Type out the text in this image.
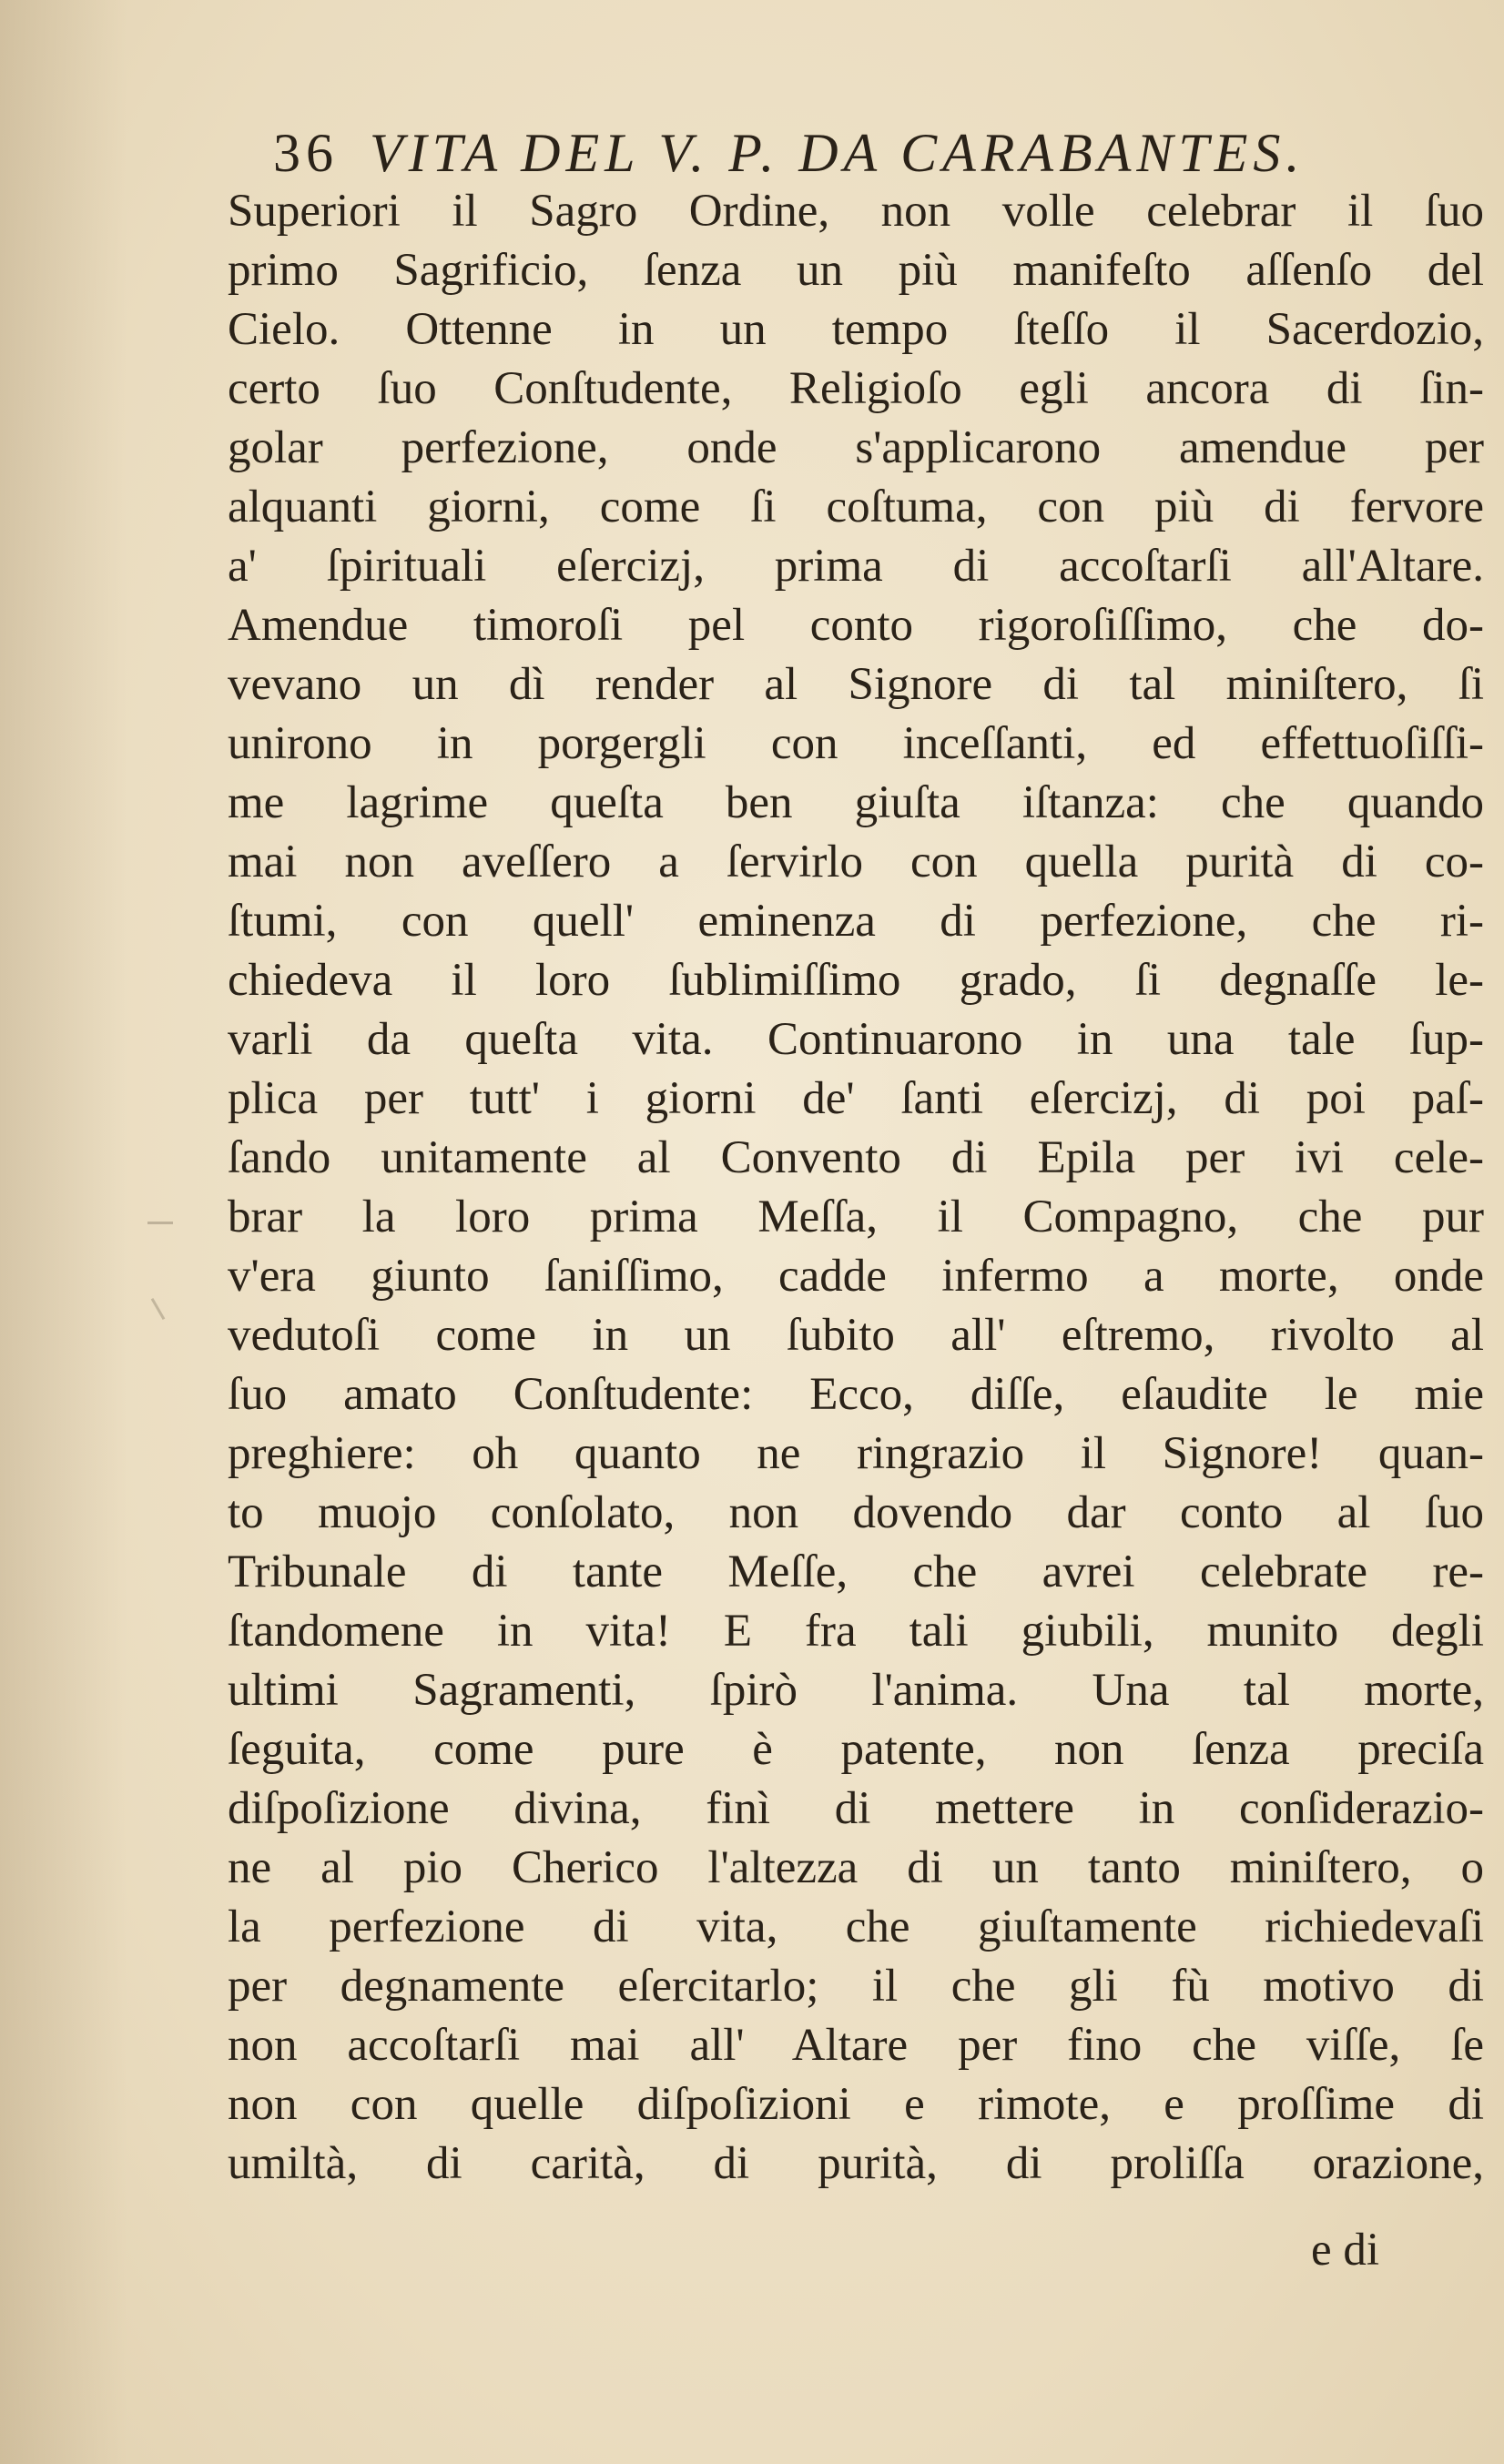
36 VITA DEL V. P. DA CARABANTES.
Superiori il Sagro Ordine, non volle celebrar il ſuo
primo Sagrificio, ſenza un più manifeſto aſſenſo del
Cielo. Ottenne in un tempo ſteſſo il Sacerdozio,
certo ſuo Conſtudente, Religioſo egli ancora di ſin-
golar perfezione, onde s'applicarono amendue per
alquanti giorni, come ſi coſtuma, con più di fervore
a' ſpirituali eſercizj, prima di accoſtarſi all'Altare.
Amendue timoroſi pel conto rigoroſiſſimo, che do-
vevano un dì render al Signore di tal miniſtero, ſi
unirono in porgergli con inceſſanti, ed effettuoſiſſi-
me lagrime queſta ben giuſta iſtanza: che quando
mai non aveſſero a ſervirlo con quella purità di co-
ſtumi, con quell' eminenza di perfezione, che ri-
chiedeva il loro ſublimiſſimo grado, ſi degnaſſe le-
varli da queſta vita. Continuarono in una tale ſup-
plica per tutt' i giorni de' ſanti eſercizj, di poi paſ-
ſando unitamente al Convento di Epila per ivi cele-
brar la loro prima Meſſa, il Compagno, che pur
v'era giunto ſaniſſimo, cadde infermo a morte, onde
vedutoſi come in un ſubito all' eſtremo, rivolto al
ſuo amato Conſtudente: Ecco, diſſe, eſaudite le mie
preghiere: oh quanto ne ringrazio il Signore! quan-
to muojo conſolato, non dovendo dar conto al ſuo
Tribunale di tante Meſſe, che avrei celebrate re-
ſtandomene in vita! E fra tali giubili, munito degli
ultimi Sagramenti, ſpirò l'anima. Una tal morte,
ſeguita, come pure è patente, non ſenza preciſa
diſpoſizione divina, finì di mettere in conſiderazio-
ne al pio Cherico l'altezza di un tanto miniſtero, o
la perfezione di vita, che giuſtamente richiedevaſi
per degnamente eſercitarlo; il che gli fù motivo di
non accoſtarſi mai all' Altare per fino che viſſe, ſe
non con quelle diſpoſizioni e rimote, e proſſime di
umiltà, di carità, di purità, di proliſſa orazione,
e di
